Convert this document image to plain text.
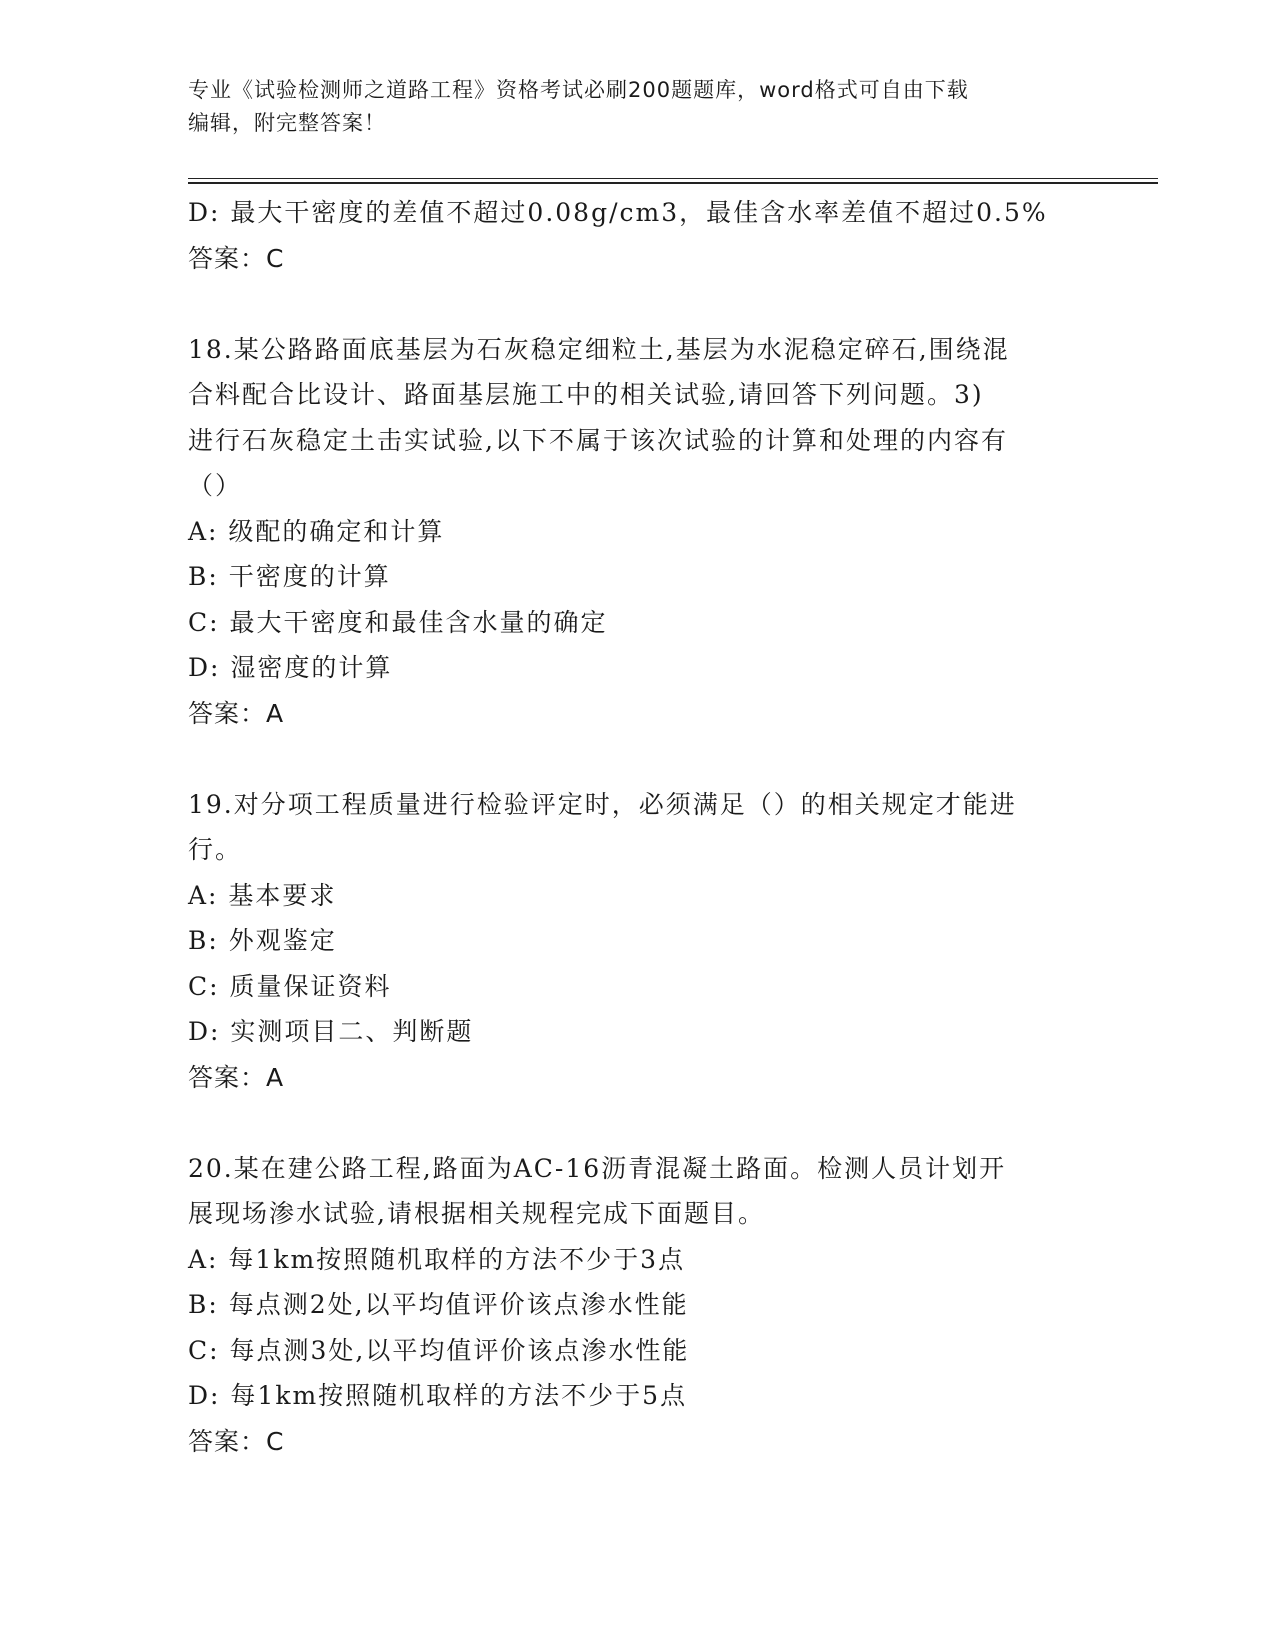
专业《试验检测师之道路工程》资格考试必刷200题题库，word格式可自由下载
编辑，附完整答案！
D: 最大干密度的差值不超过0.08g/cm3，最佳含水率差值不超过0.5%
答案：C
18.某公路路面底基层为石灰稳定细粒土,基层为水泥稳定碎石,围绕混
合料配合比设计、路面基层施工中的相关试验,请回答下列问题。3)
进行石灰稳定土击实试验,以下不属于该次试验的计算和处理的内容有
（）
A: 级配的确定和计算
B: 干密度的计算
C: 最大干密度和最佳含水量的确定
D: 湿密度的计算
答案：A
19.对分项工程质量进行检验评定时，必须满足（）的相关规定才能进
行。
A: 基本要求
B: 外观鉴定
C: 质量保证资料
D: 实测项目二、判断题
答案：A
20.某在建公路工程,路面为AC-16沥青混凝土路面。检测人员计划开
展现场渗水试验,请根据相关规程完成下面题目。
A: 每1km按照随机取样的方法不少于3点
B: 每点测2处,以平均值评价该点渗水性能
C: 每点测3处,以平均值评价该点渗水性能
D: 每1km按照随机取样的方法不少于5点
答案：C
